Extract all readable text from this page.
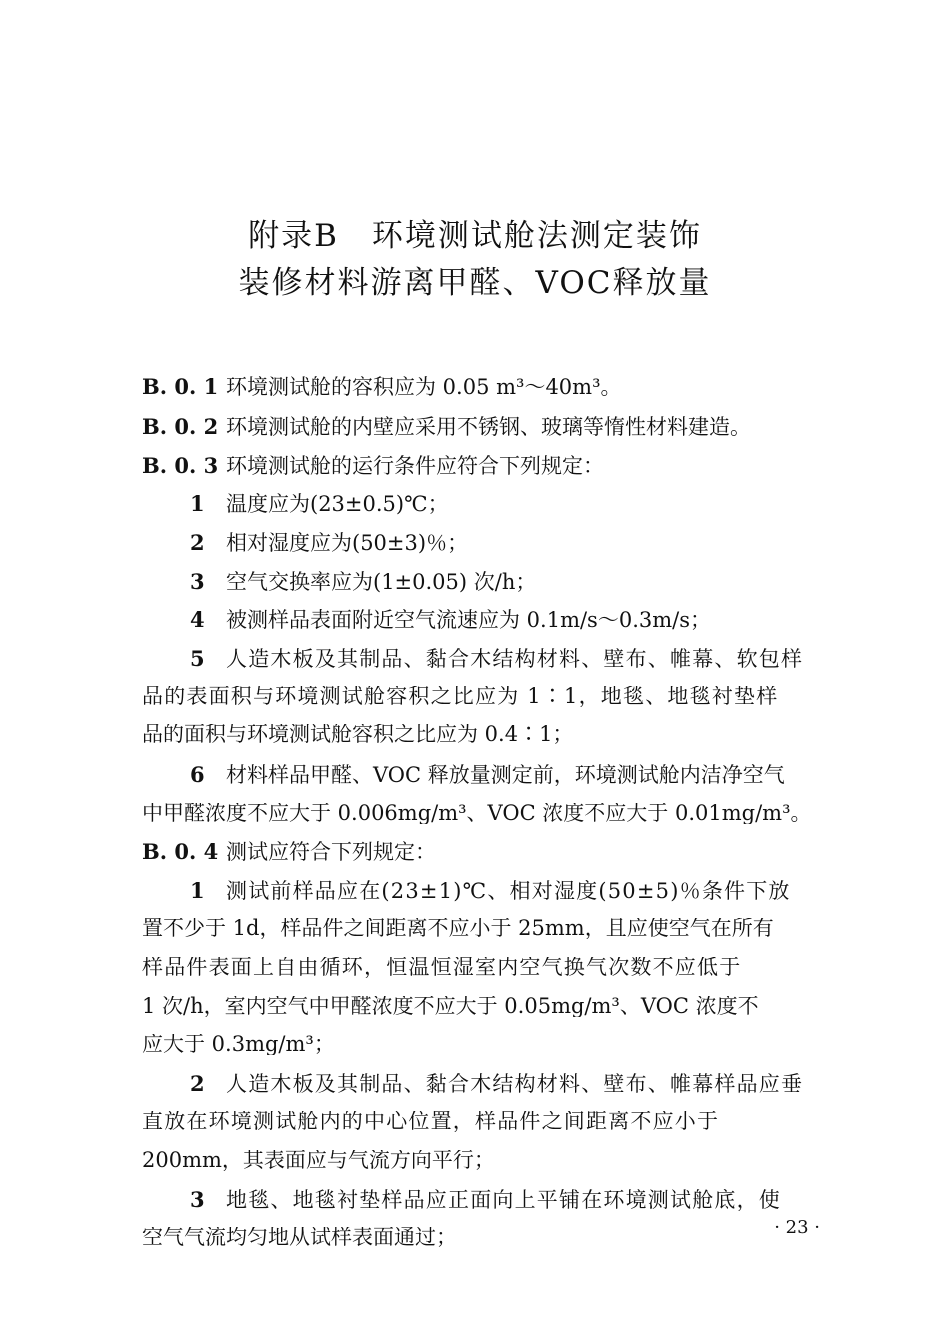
附录B　环境测试舱法测定装饰
装修材料游离甲醛、VOC释放量
B. 0. 1 环境测试舱的容积应为 0.05 m³～40m³。
B. 0. 2 环境测试舱的内壁应采用不锈钢、玻璃等惰性材料建造。
B. 0. 3 环境测试舱的运行条件应符合下列规定：
1 温度应为(23±0.5)℃；
2 相对湿度应为(50±3)％；
3 空气交换率应为(1±0.05) 次/h；
4 被测样品表面附近空气流速应为 0.1m/s～0.3m/s；
5 人造木板及其制品、黏合木结构材料、壁布、帷幕、软包样
品的表面积与环境测试舱容积之比应为 1∶1，地毯、地毯衬垫样
品的面积与环境测试舱容积之比应为 0.4∶1；
6 材料样品甲醛、VOC 释放量测定前，环境测试舱内洁净空气
中甲醛浓度不应大于 0.006mg/m³、VOC 浓度不应大于 0.01mg/m³。
B. 0. 4 测试应符合下列规定：
1 测试前样品应在(23±1)℃、相对湿度(50±5)％条件下放
置不少于 1d，样品件之间距离不应小于 25mm，且应使空气在所有
样品件表面上自由循环，恒温恒湿室内空气换气次数不应低于
1 次/h，室内空气中甲醛浓度不应大于 0.05mg/m³、VOC 浓度不
应大于 0.3mg/m³；
2 人造木板及其制品、黏合木结构材料、壁布、帷幕样品应垂
直放在环境测试舱内的中心位置，样品件之间距离不应小于
200mm，其表面应与气流方向平行；
3 地毯、地毯衬垫样品应正面向上平铺在环境测试舱底，使
空气气流均匀地从试样表面通过；	· 23 ·
